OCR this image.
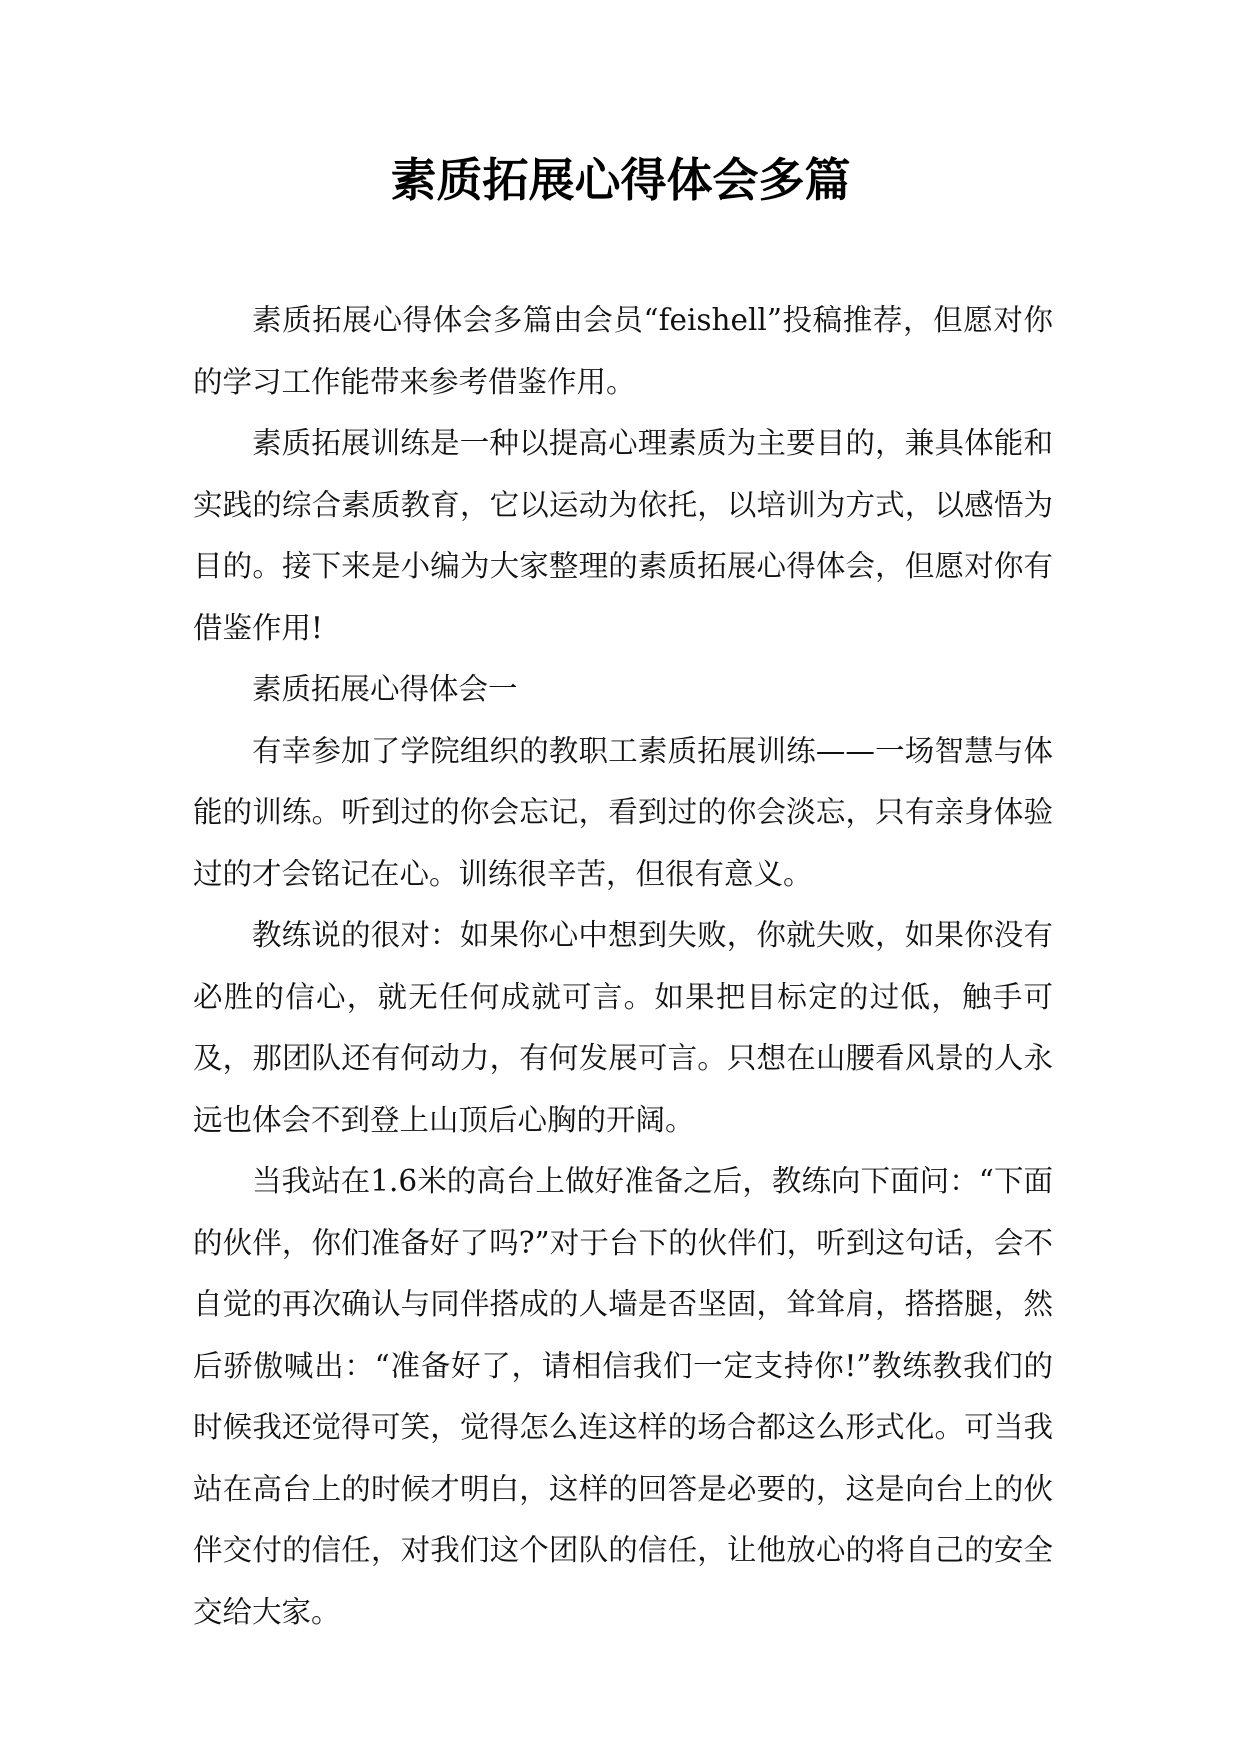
素质拓展心得体会多篇

素质拓展心得体会多篇由会员“feishell”投稿推荐，但愿对你的学习工作能带来参考借鉴作用。

素质拓展训练是一种以提高心理素质为主要目的，兼具体能和实践的综合素质教育，它以运动为依托，以培训为方式，以感悟为目的。接下来是小编为大家整理的素质拓展心得体会，但愿对你有借鉴作用!

素质拓展心得体会一

有幸参加了学院组织的教职工素质拓展训练——一场智慧与体能的训练。听到过的你会忘记，看到过的你会淡忘，只有亲身体验过的才会铭记在心。训练很辛苦，但很有意义。

教练说的很对：如果你心中想到失败，你就失败，如果你没有必胜的信心，就无任何成就可言。如果把目标定的过低，触手可及，那团队还有何动力，有何发展可言。只想在山腰看风景的人永远也体会不到登上山顶后心胸的开阔。

当我站在1.6米的高台上做好准备之后，教练向下面问：“下面的伙伴，你们准备好了吗?”对于台下的伙伴们，听到这句话，会不自觉的再次确认与同伴搭成的人墙是否坚固，耸耸肩，搭搭腿，然后骄傲喊出：“准备好了，请相信我们一定支持你!”教练教我们的时候我还觉得可笑，觉得怎么连这样的场合都这么形式化。可当我站在高台上的时候才明白，这样的回答是必要的，这是向台上的伙伴交付的信任，对我们这个团队的信任，让他放心的将自己的安全交给大家。
